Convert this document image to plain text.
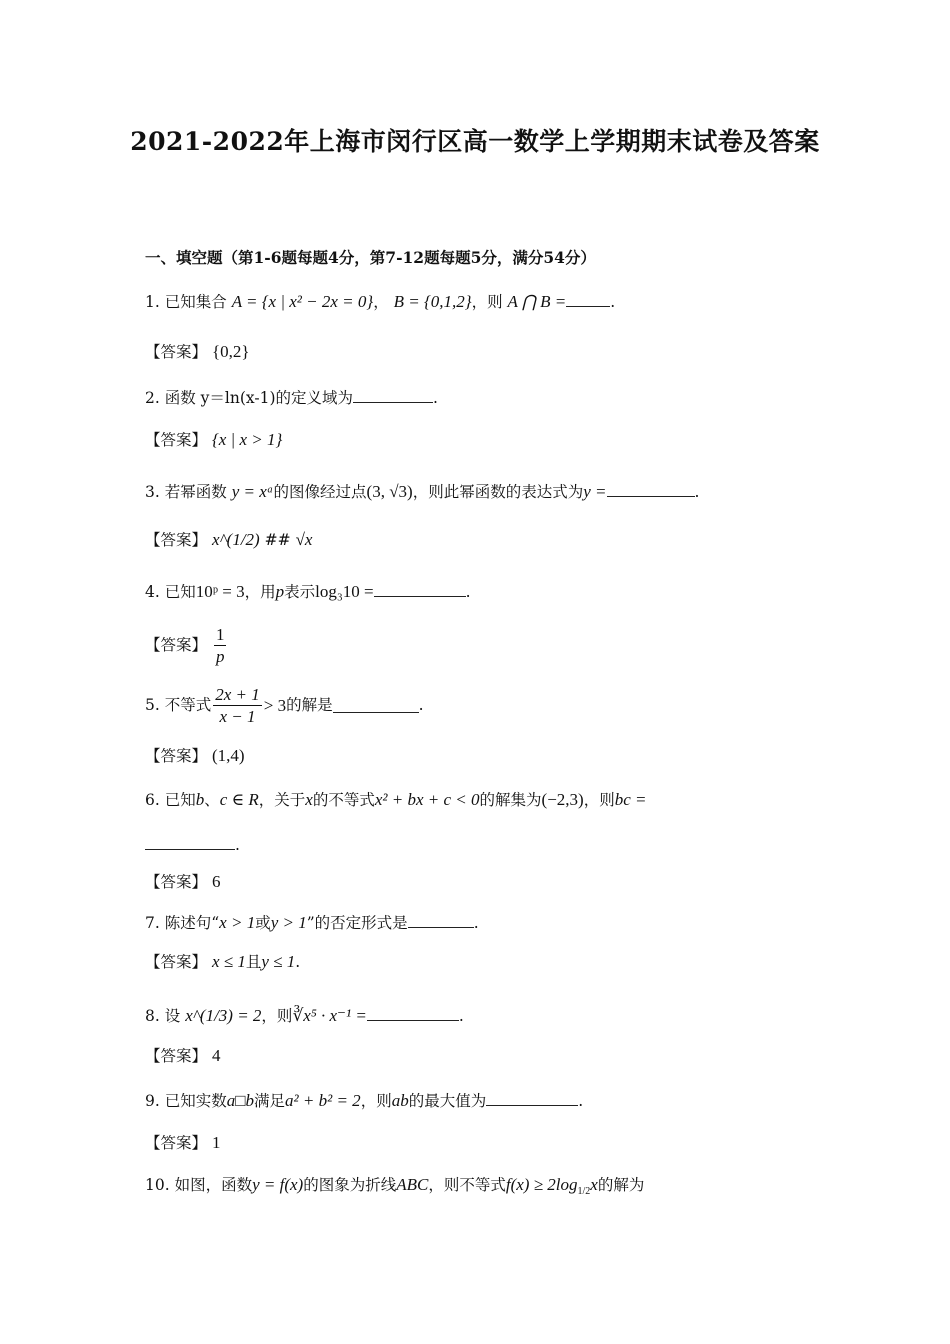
2021-2022年上海市闵行区高一数学上学期期末试卷及答案
一、填空题（第1-6题每题4分，第7-12题每题5分，满分54分）
1. 已知集合 A = {x | x² − 2x = 0}， B = {0,1,2}，则 A ⋂ B =	.
【答案】 {0,2}
2. 函数 y＝ln(x-1)的定义域为	.
【答案】 {x | x > 1}
3. 若幂函数 y = xᵃ的图像经过点(3, √3)，则此幂函数的表达式为y =	.
【答案】 x^(1/2) ## √x
4. 已知10ᵖ = 3，用p表示log₃10 =	.
【答案】 $\frac{1}{p}$
5. 不等式 $\frac{2x + 1}{x - 1} > 3$的解是	.
【答案】 (1,4)
6. 已知b、c ∈ R，关于x的不等式x² + bx + c < 0的解集为(−2,3)，则bc =
.
【答案】 6
7. 陈述句“x > 1或y > 1”的否定形式是	.
【答案】 x ≤ 1且y ≤ 1.
8. 设 x^(1/3) = 2，则∛x⁵ · x⁻¹ =	.
【答案】 4
9. 已知实数a□b满足a² + b² = 2，则ab的最大值为	.
【答案】 1
10. 如图，函数y = f(x)的图象为折线ABC，则不等式$f(x) \ge 2\log_{1/2}x$的解为
